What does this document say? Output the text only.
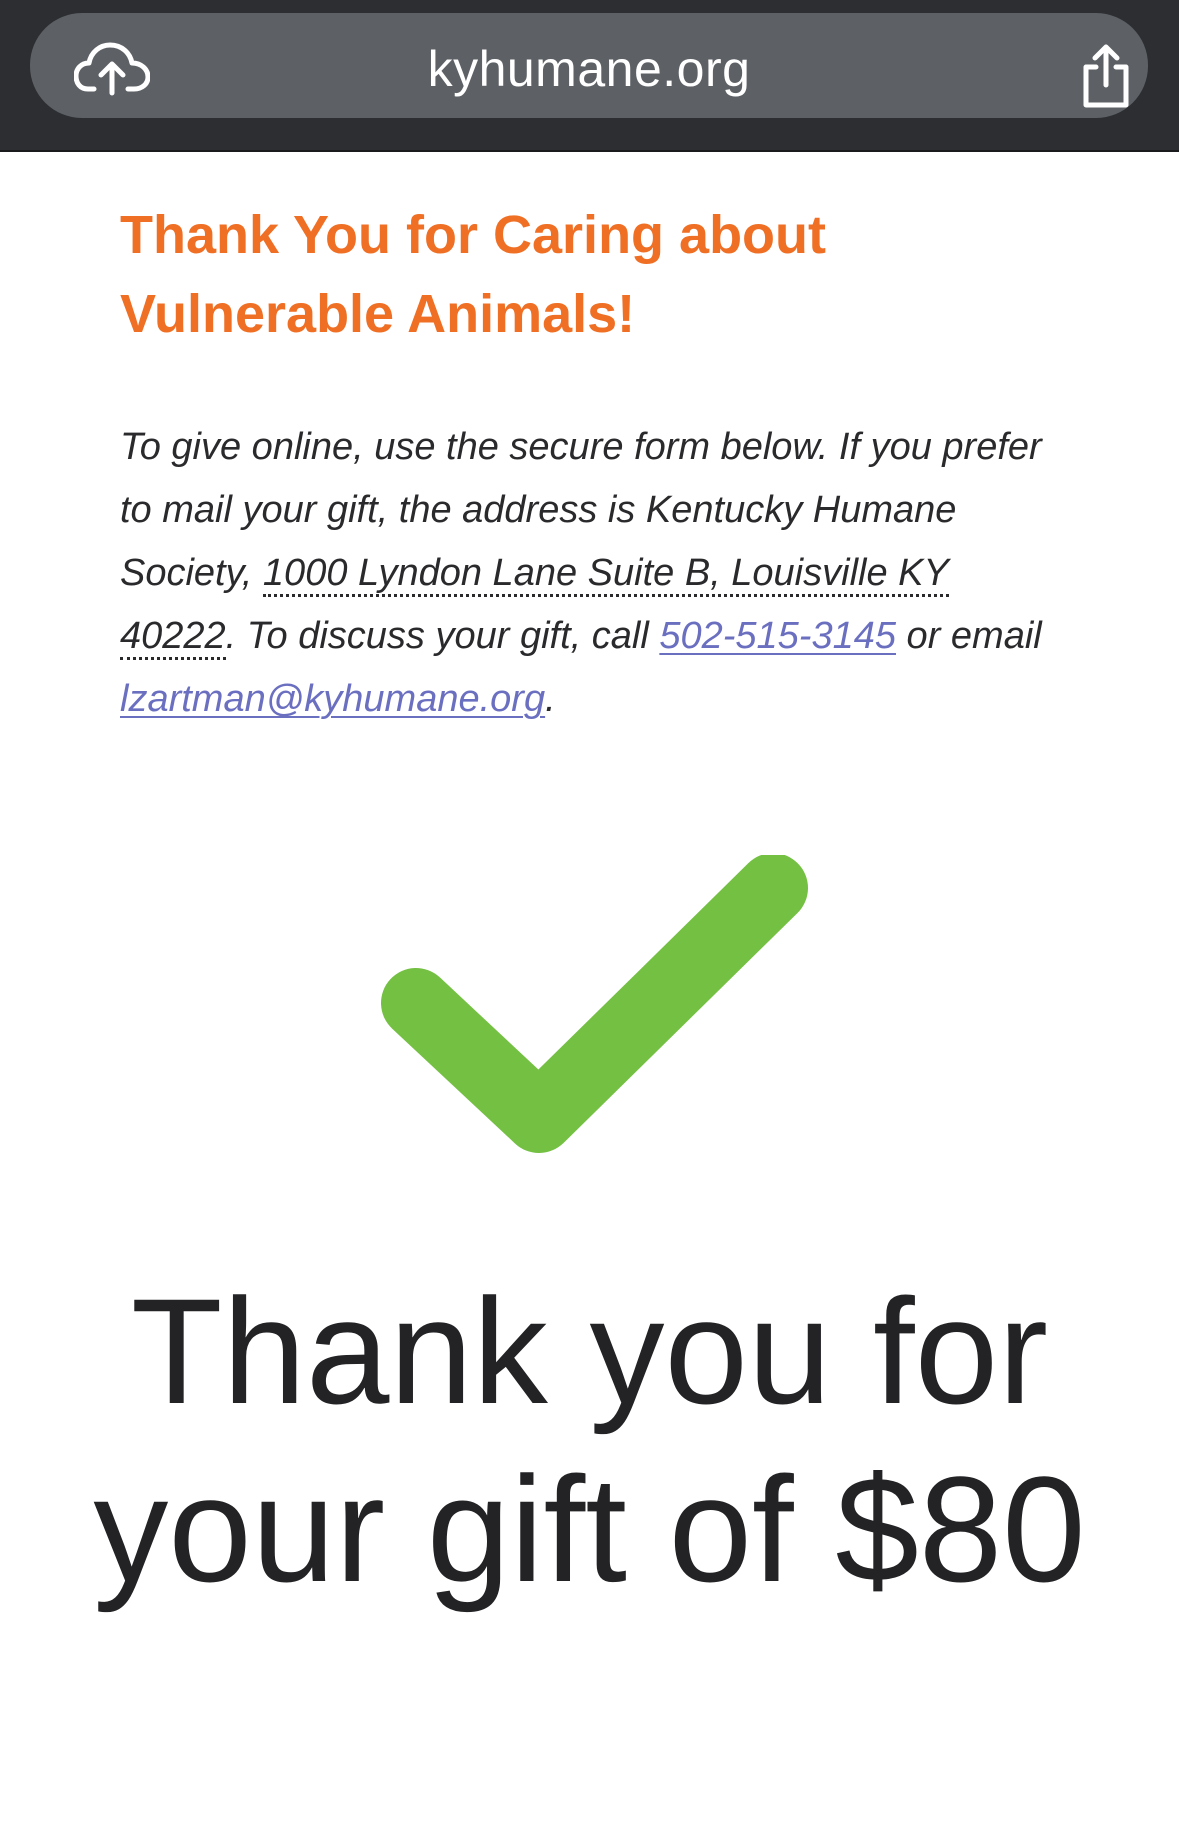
kyhumane.org
Thank You for Caring about Vulnerable Animals!

To give online, use the secure form below. If you prefer to mail your gift, the address is Kentucky Humane Society, 1000 Lyndon Lane Suite B, Louisville KY 40222. To discuss your gift, call 502-515-3145 or email lzartman@kyhumane.org.

Thank you for your gift of $80
